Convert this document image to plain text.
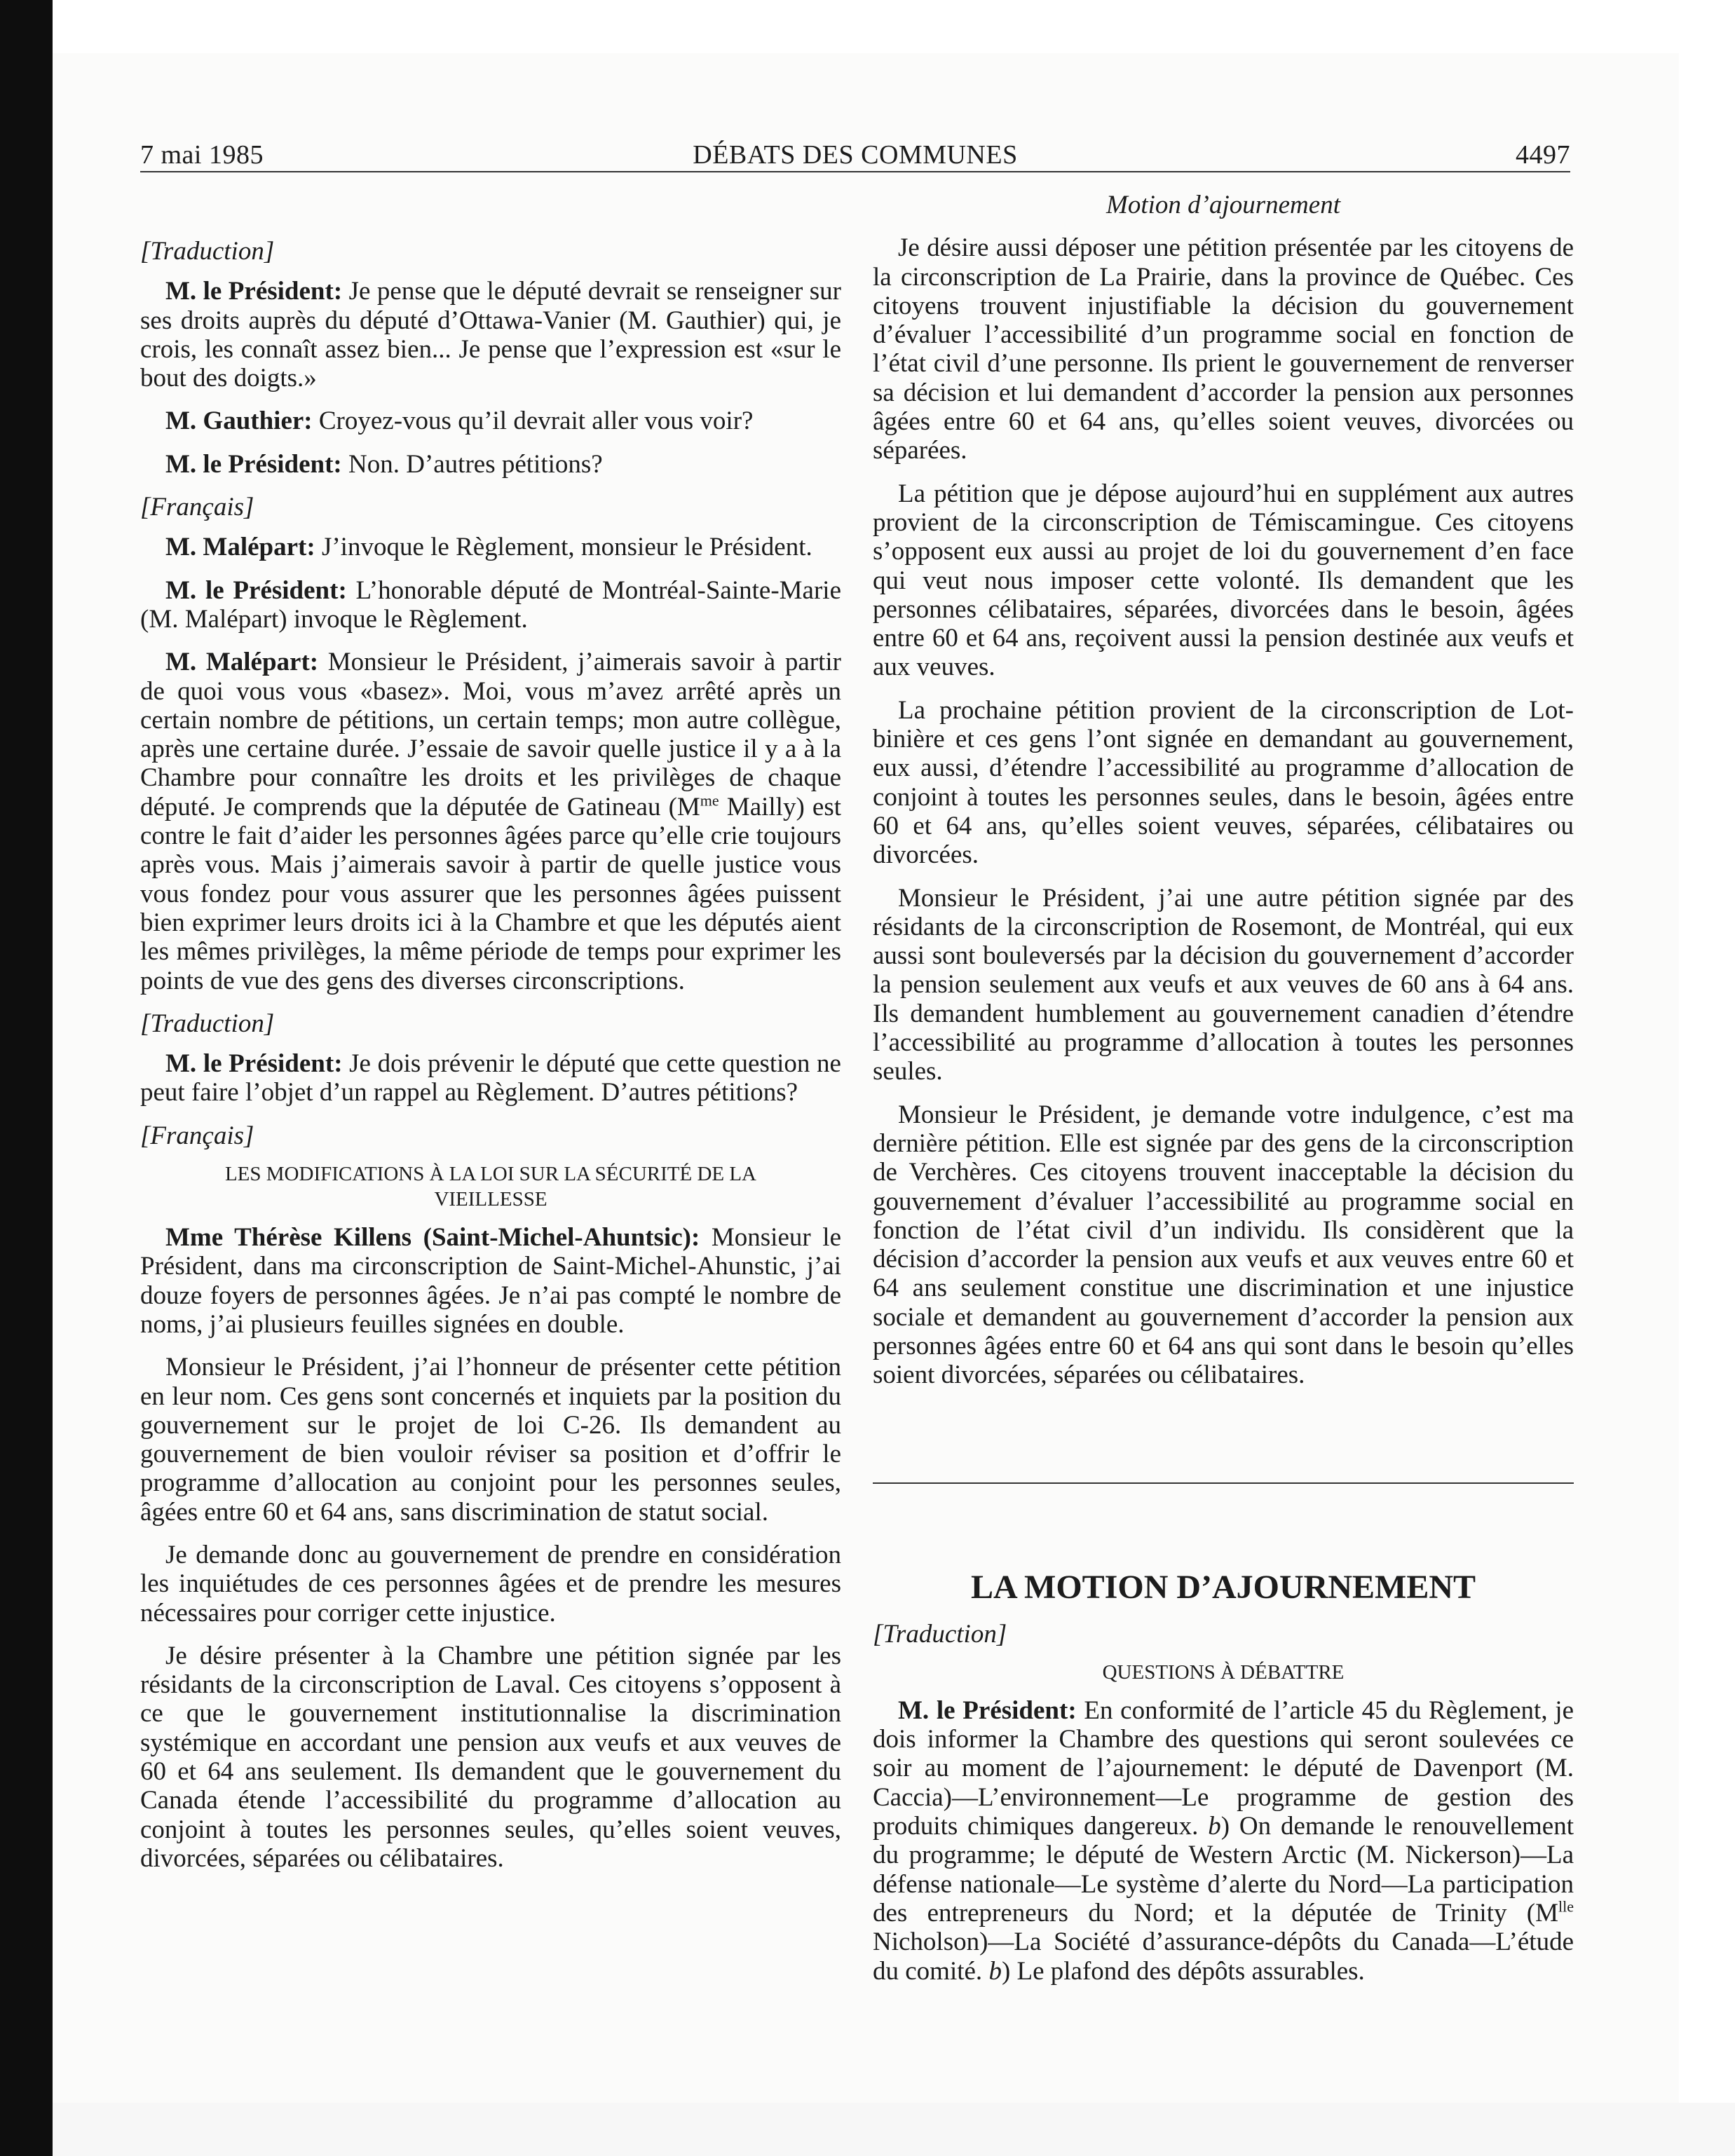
7 mai 1985	DÉBATS DES COMMUNES	4497

[Traduction]

M. le Président: Je pense que le député devrait se renseigner sur ses droits auprès du député d’Ottawa-Vanier (M. Gauthier) qui, je crois, les connaît assez bien... Je pense que l’expression est «sur le bout des doigts.»

M. Gauthier: Croyez-vous qu’il devrait aller vous voir?

M. le Président: Non. D’autres pétitions?

[Français]

M. Malépart: J’invoque le Règlement, monsieur le Président.

M. le Président: L’honorable député de Montréal-Sainte-Marie (M. Malépart) invoque le Règlement.

M. Malépart: Monsieur le Président, j’aimerais savoir à partir de quoi vous vous «basez». Moi, vous m’avez arrêté après un certain nombre de pétitions, un certain temps; mon autre collègue, après une certaine durée. J’essaie de savoir quelle justice il y a à la Chambre pour connaître les droits et les privilèges de chaque député. Je comprends que la députée de Gatineau ($M^{me}$ Mailly) est contre le fait d’aider les personnes âgées parce qu’elle crie toujours après vous. Mais j’aimerais savoir à partir de quelle justice vous vous fondez pour vous assurer que les personnes âgées puissent bien exprimer leurs droits ici à la Chambre et que les députés aient les mêmes privilèges, la même période de temps pour exprimer les points de vue des gens des diverses circonscriptions.

[Traduction]

M. le Président: Je dois prévenir le député que cette question ne peut faire l’objet d’un rappel au Règlement. D’autres pétitions?

[Français]

LES MODIFICATIONS À LA LOI SUR LA SÉCURITÉ DE LA VIEILLESSE

Mme Thérèse Killens (Saint-Michel-Ahuntsic): Monsieur le Président, dans ma circonscription de Saint-Michel-Ahunstic, j’ai douze foyers de personnes âgées. Je n’ai pas compté le nombre de noms, j’ai plusieurs feuilles signées en double.

Monsieur le Président, j’ai l’honneur de présenter cette pétition en leur nom. Ces gens sont concernés et inquiets par la position du gouvernement sur le projet de loi C-26. Ils demandent au gouvernement de bien vouloir réviser sa position et d’offrir le programme d’allocation au conjoint pour les personnes seules, âgées entre 60 et 64 ans, sans discrimination de statut social.

Je demande donc au gouvernement de prendre en considération les inquiétudes de ces personnes âgées et de prendre les mesures nécessaires pour corriger cette injustice.

Je désire présenter à la Chambre une pétition signée par les résidants de la circonscription de Laval. Ces citoyens s’opposent à ce que le gouvernement institutionnalise la discrimination systémique en accordant une pension aux veufs et aux veuves de 60 et 64 ans seulement. Ils demandent que le gouvernement du Canada étende l’accessibilité du programme d’allocation au conjoint à toutes les personnes seules, qu’elles soient veuves, divorcées, séparées ou célibataires.

Motion d’ajournement

Je désire aussi déposer une pétition présentée par les citoyens de la circonscription de La Prairie, dans la province de Québec. Ces citoyens trouvent injustifiable la décision du gouvernement d’évaluer l’accessibilité d’un programme social en fonction de l’état civil d’une personne. Ils prient le gouvernement de renverser sa décision et lui demandent d’accorder la pension aux personnes âgées entre 60 et 64 ans, qu’elles soient veuves, divorcées ou séparées.

La pétition que je dépose aujourd’hui en supplément aux autres provient de la circonscription de Témiscamingue. Ces citoyens s’opposent eux aussi au projet de loi du gouvernement d’en face qui veut nous imposer cette volonté. Ils demandent que les personnes célibataires, séparées, divorcées dans le besoin, âgées entre 60 et 64 ans, reçoivent aussi la pension destinée aux veufs et aux veuves.

La prochaine pétition provient de la circonscription de Lotbinière et ces gens l’ont signée en demandant au gouvernement, eux aussi, d’étendre l’accessibilité au programme d’allocation de conjoint à toutes les personnes seules, dans le besoin, âgées entre 60 et 64 ans, qu’elles soient veuves, séparées, célibataires ou divorcées.

Monsieur le Président, j’ai une autre pétition signée par des résidants de la circonscription de Rosemont, de Montréal, qui eux aussi sont bouleversés par la décision du gouvernement d’accorder la pension seulement aux veufs et aux veuves de 60 ans à 64 ans. Ils demandent humblement au gouvernement canadien d’étendre l’accessibilité au programme d’allocation à toutes les personnes seules.

Monsieur le Président, je demande votre indulgence, c’est ma dernière pétition. Elle est signée par des gens de la circonscription de Verchères. Ces citoyens trouvent inacceptable la décision du gouvernement d’évaluer l’accessibilité au programme social en fonction de l’état civil d’un individu. Ils considèrent que la décision d’accorder la pension aux veufs et aux veuves entre 60 et 64 ans seulement constitue une discrimination et une injustice sociale et demandent au gouvernement d’accorder la pension aux personnes âgées entre 60 et 64 ans qui sont dans le besoin qu’elles soient divorcées, séparées ou célibataires.

LA MOTION D’AJOURNEMENT

[Traduction]

QUESTIONS À DÉBATTRE

M. le Président: En conformité de l’article 45 du Règlement, je dois informer la Chambre des questions qui seront soulevées ce soir au moment de l’ajournement: le député de Davenport (M. Caccia)—L’environnement—Le programme de gestion des produits chimiques dangereux. b) On demande le renouvellement du programme; le député de Western Arctic (M. Nickerson)—La défense nationale—Le système d’alerte du Nord—La participation des entrepreneurs du Nord; et la députée de Trinity ($M^{lle}$ Nicholson)—La Société d’assurance-dépôts du Canada—L’étude du comité. b) Le plafond des dépôts assurables.
